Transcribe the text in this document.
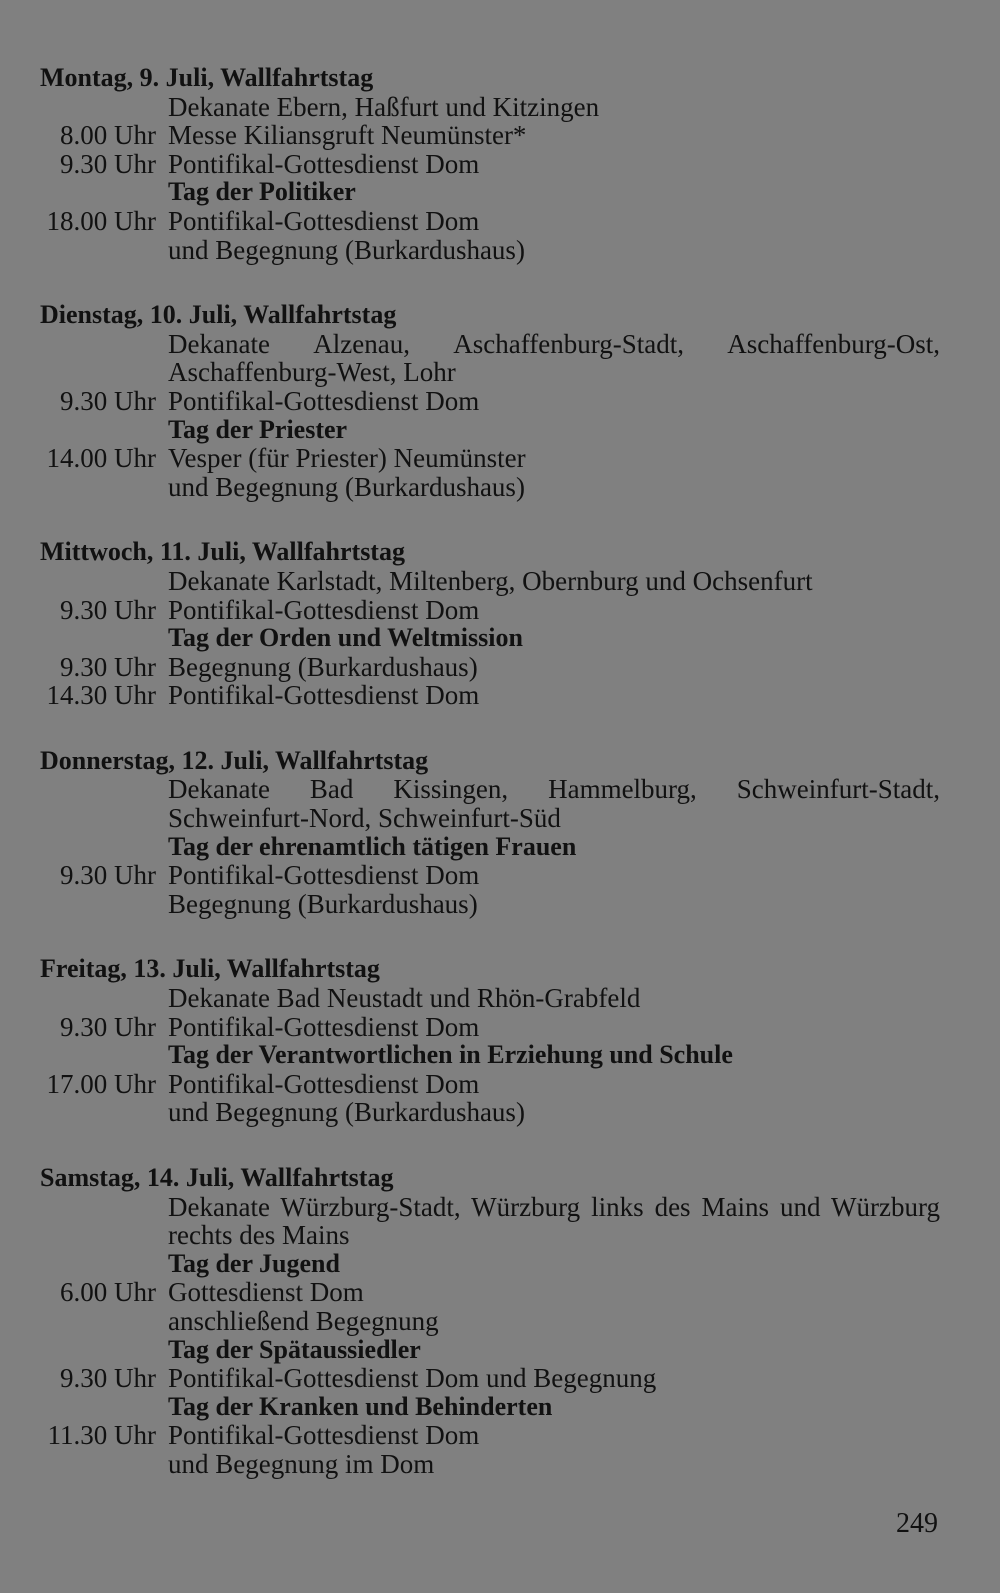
Montag, 9. Juli, Wallfahrtstag
Dekanate Ebern, Haßfurt und Kitzingen
8.00 Uhr Messe Kiliansgruft Neumünster*
9.30 Uhr Pontifikal-Gottesdienst Dom
Tag der Politiker
18.00 Uhr Pontifikal-Gottesdienst Dom
und Begegnung (Burkardushaus)
Dienstag, 10. Juli, Wallfahrtstag
Dekanate Alzenau, Aschaffenburg-Stadt, Aschaffenburg-Ost, Aschaffenburg-West, Lohr
9.30 Uhr Pontifikal-Gottesdienst Dom
Tag der Priester
14.00 Uhr Vesper (für Priester) Neumünster
und Begegnung (Burkardushaus)
Mittwoch, 11. Juli, Wallfahrtstag
Dekanate Karlstadt, Miltenberg, Obernburg und Ochsenfurt
9.30 Uhr Pontifikal-Gottesdienst Dom
Tag der Orden und Weltmission
9.30 Uhr Begegnung (Burkardushaus)
14.30 Uhr Pontifikal-Gottesdienst Dom
Donnerstag, 12. Juli, Wallfahrtstag
Dekanate Bad Kissingen, Hammelburg, Schweinfurt-Stadt, Schweinfurt-Nord, Schweinfurt-Süd
Tag der ehrenamtlich tätigen Frauen
9.30 Uhr Pontifikal-Gottesdienst Dom
Begegnung (Burkardushaus)
Freitag, 13. Juli, Wallfahrtstag
Dekanate Bad Neustadt und Rhön-Grabfeld
9.30 Uhr Pontifikal-Gottesdienst Dom
Tag der Verantwortlichen in Erziehung und Schule
17.00 Uhr Pontifikal-Gottesdienst Dom
und Begegnung (Burkardushaus)
Samstag, 14. Juli, Wallfahrtstag
Dekanate Würzburg-Stadt, Würzburg links des Mains und Würzburg rechts des Mains
Tag der Jugend
6.00 Uhr Gottesdienst Dom
anschließend Begegnung
Tag der Spätaussiedler
9.30 Uhr Pontifikal-Gottesdienst Dom und Begegnung
Tag der Kranken und Behinderten
11.30 Uhr Pontifikal-Gottesdienst Dom
und Begegnung im Dom
249
